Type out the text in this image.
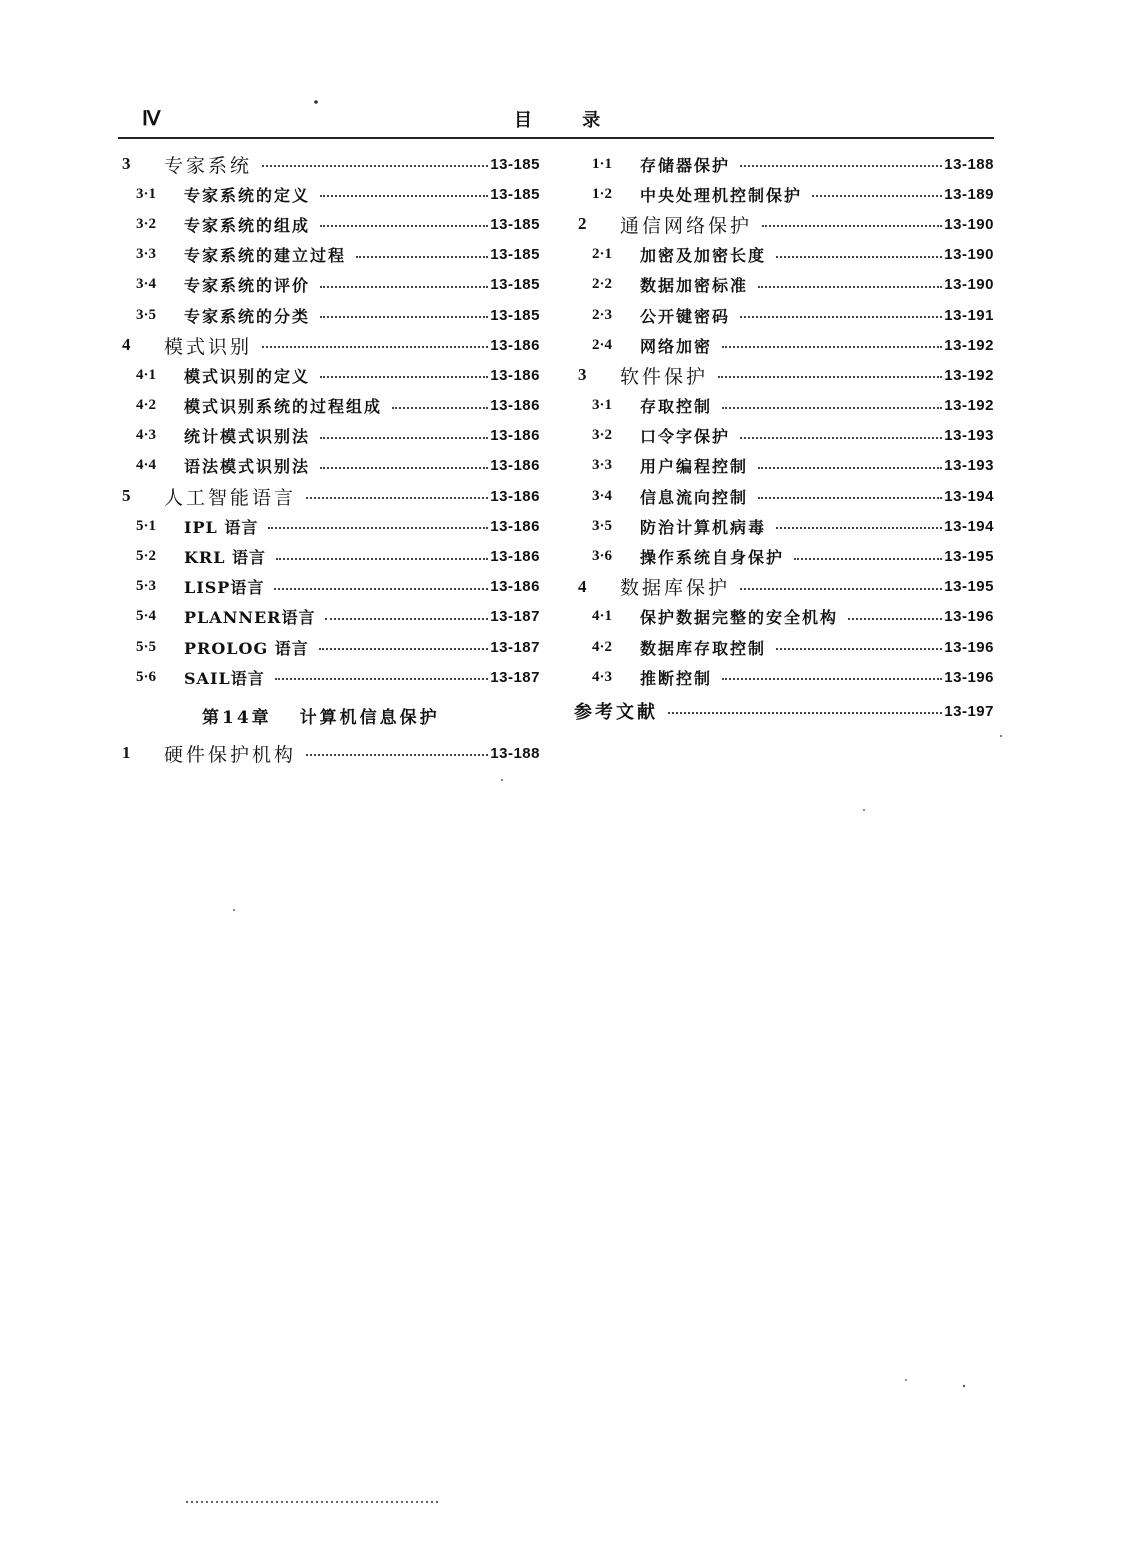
Ⅳ	目 录
3	专家系统	13-185
3·1	专家系统的定义	13-185
3·2	专家系统的组成	13-185
3·3	专家系统的建立过程	13-185
3·4	专家系统的评价	13-185
3·5	专家系统的分类	13-185
4	模式识别	13-186
4·1	模式识别的定义	13-186
4·2	模式识别系统的过程组成	13-186
4·3	统计模式识别法	13-186
4·4	语法模式识别法	13-186
5	人工智能语言	13-186
5·1	IPL 语言	13-186
5·2	KRL 语言	13-186
5·3	LISP语言	13-186
5·4	PLANNER语言	13-187
5·5	PROLOG 语言	13-187
5·6	SAIL语言	13-187
第14章 计算机信息保护
1	硬件保护机构	13-188
1·1	存储器保护	13-188
1·2	中央处理机控制保护	13-189
2	通信网络保护	13-190
2·1	加密及加密长度	13-190
2·2	数据加密标准	13-190
2·3	公开键密码	13-191
2·4	网络加密	13-192
3	软件保护	13-192
3·1	存取控制	13-192
3·2	口令字保护	13-193
3·3	用户编程控制	13-193
3·4	信息流向控制	13-194
3·5	防治计算机病毒	13-194
3·6	操作系统自身保护	13-195
4	数据库保护	13-195
4·1	保护数据完整的安全机构	13-196
4·2	数据库存取控制	13-196
4·3	推断控制	13-196
参考文献	13-197
